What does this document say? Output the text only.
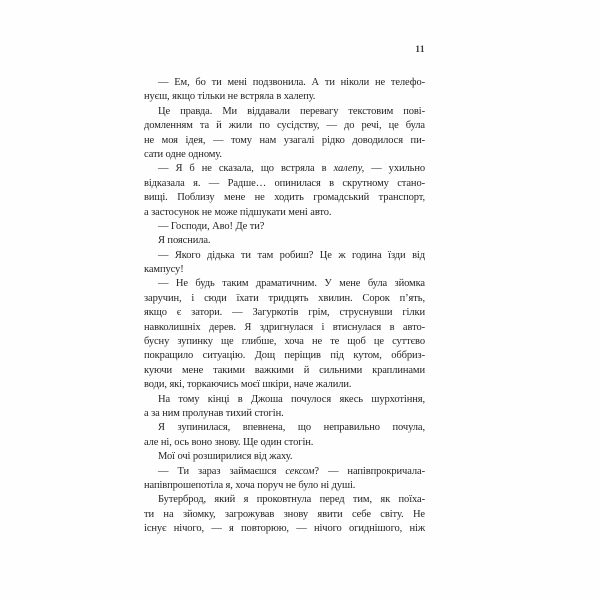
11
— Ем, бо ти мені подзвонила. А ти ніколи не телефо-
нуєш, якщо тільки не встряла в халепу.
Це правда. Ми віддавали перевагу текстовим пові-
домленням та й жили по сусідству, — до речі, це була
не моя ідея, — тому нам узагалі рідко доводилося пи-
сати одне одному.
— Я б не сказала, що встряла в халепу, — ухильно
відказала я. — Радше… опинилася в скрутному стано-
вищі. Поблизу мене не ходить громадський транспорт,
а застосунок не може підшукати мені авто.
— Господи, Аво! Де ти?
Я пояснила.
— Якого дідька ти там робиш? Це ж година їзди від
кампусу!
— Не будь таким драматичним. У мене була зйомка
заручин, і сюди їхати тридцять хвилин. Сорок п’ять,
якщо є затори. — Загуркотів грім, струснувши гілки
навколишніх дерев. Я здригнулася і втиснулася в авто-
бусну зупинку ще глибше, хоча не те щоб це суттєво
покращило ситуацію. Дощ періщив під кутом, оббриз-
куючи мене такими важкими й сильними краплинами
води, які, торкаючись моєї шкіри, наче жалили.
На тому кінці в Джоша почулося якесь шурхотіння,
а за ним пролунав тихий стогін.
Я зупинилася, впевнена, що неправильно почула,
але ні, ось воно знову. Ще один стогін.
Мої очі розширилися від жаху.
— Ти зараз займаєшся сексом? — напівпрокричала-
напівпрошепотіла я, хоча поруч не було ні душі.
Бутерброд, який я проковтнула перед тим, як поїха-
ти на зйомку, загрожував знову явити себе світу. Не
існує нічого, — я повторюю, — нічого огиднішого, ніж
